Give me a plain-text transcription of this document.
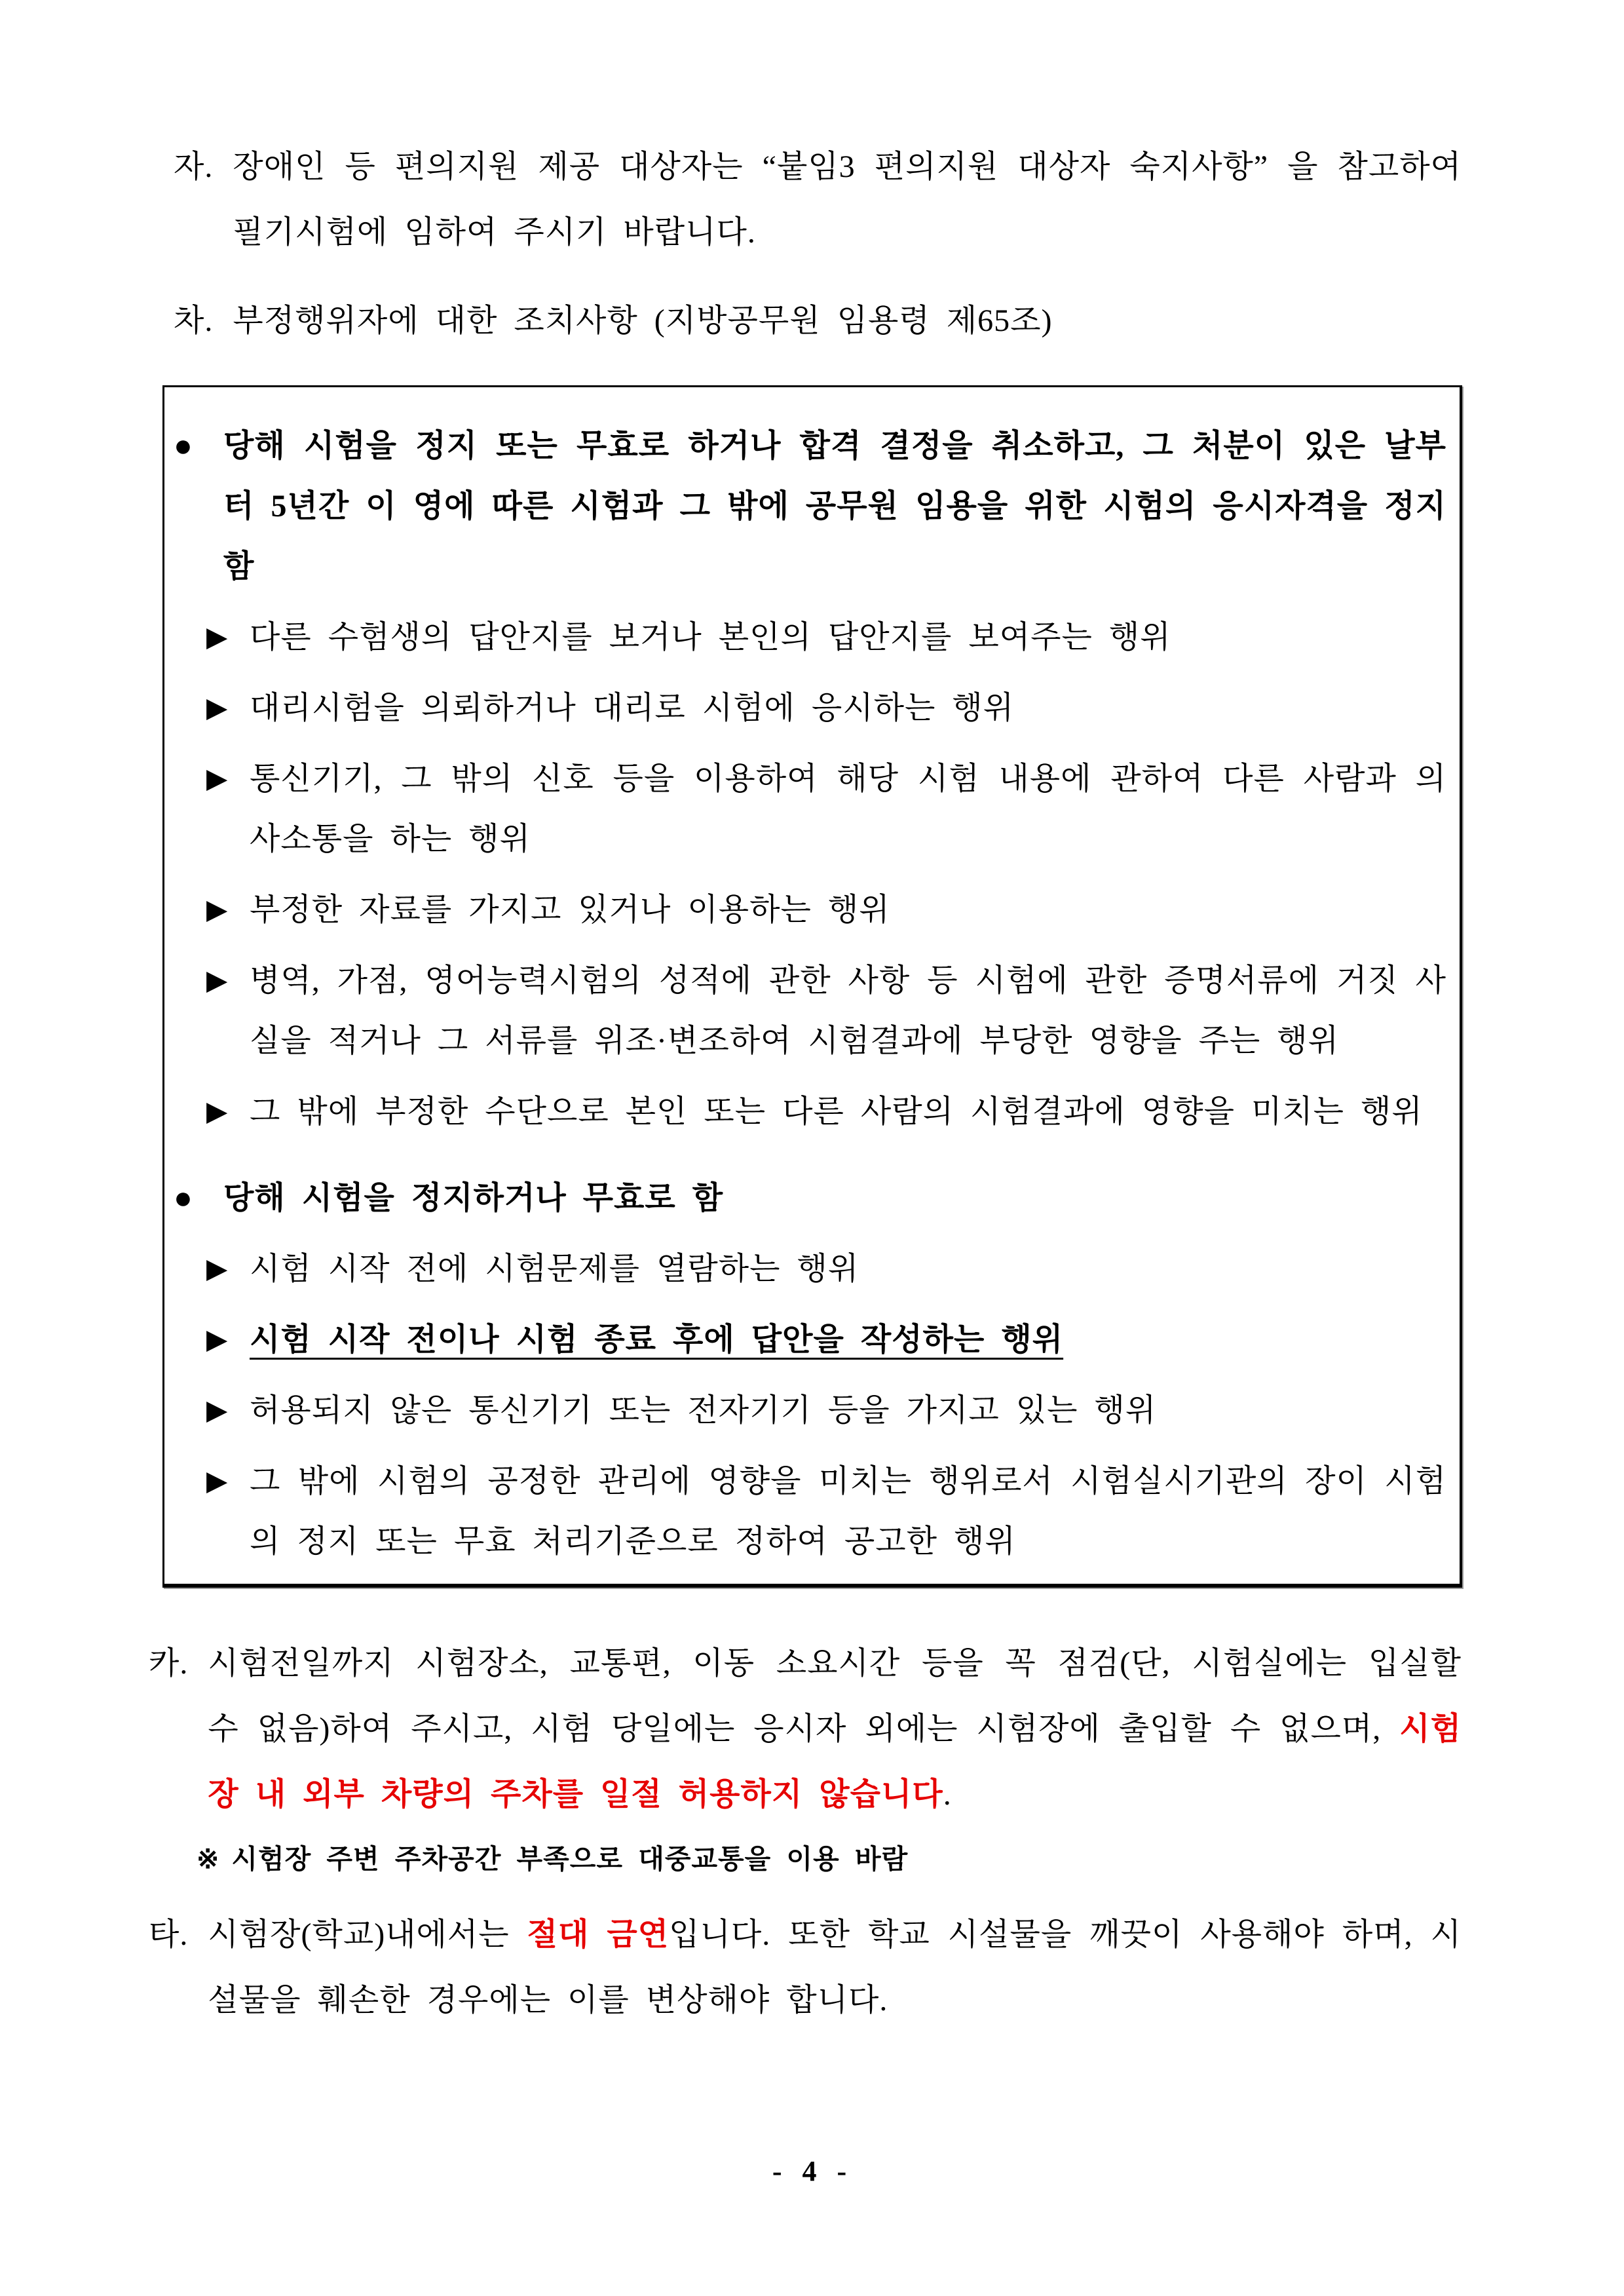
자. 장애인 등 편의지원 제공 대상자는 “붙임3 편의지원 대상자 숙지사항” 을 참고하여 필기시험에 임하여 주시기 바랍니다.
차. 부정행위자에 대한 조치사항 (지방공무원 임용령 제65조)
● 당해 시험을 정지 또는 무효로 하거나 합격 결정을 취소하고, 그 처분이 있은 날부터 5년간 이 영에 따른 시험과 그 밖에 공무원 임용을 위한 시험의 응시자격을 정지함
▶ 다른 수험생의 답안지를 보거나 본인의 답안지를 보여주는 행위
▶ 대리시험을 의뢰하거나 대리로 시험에 응시하는 행위
▶ 통신기기, 그 밖의 신호 등을 이용하여 해당 시험 내용에 관하여 다른 사람과 의사소통을 하는 행위
▶ 부정한 자료를 가지고 있거나 이용하는 행위
▶ 병역, 가점, 영어능력시험의 성적에 관한 사항 등 시험에 관한 증명서류에 거짓 사실을 적거나 그 서류를 위조·변조하여 시험결과에 부당한 영향을 주는 행위
▶ 그 밖에 부정한 수단으로 본인 또는 다른 사람의 시험결과에 영향을 미치는 행위
● 당해 시험을 정지하거나 무효로 함
▶ 시험 시작 전에 시험문제를 열람하는 행위
▶ 시험 시작 전이나 시험 종료 후에 답안을 작성하는 행위
▶ 허용되지 않은 통신기기 또는 전자기기 등을 가지고 있는 행위
▶ 그 밖에 시험의 공정한 관리에 영향을 미치는 행위로서 시험실시기관의 장이 시험의 정지 또는 무효 처리기준으로 정하여 공고한 행위
카. 시험전일까지 시험장소, 교통편, 이동 소요시간 등을 꼭 점검(단, 시험실에는 입실할 수 없음)하여 주시고, 시험 당일에는 응시자 외에는 시험장에 출입할 수 없으며, 시험장 내 외부 차량의 주차를 일절 허용하지 않습니다.
※ 시험장 주변 주차공간 부족으로 대중교통을 이용 바람
타. 시험장(학교)내에서는 절대 금연입니다. 또한 학교 시설물을 깨끗이 사용해야 하며, 시설물을 훼손한 경우에는 이를 변상해야 합니다.
- 4 -
